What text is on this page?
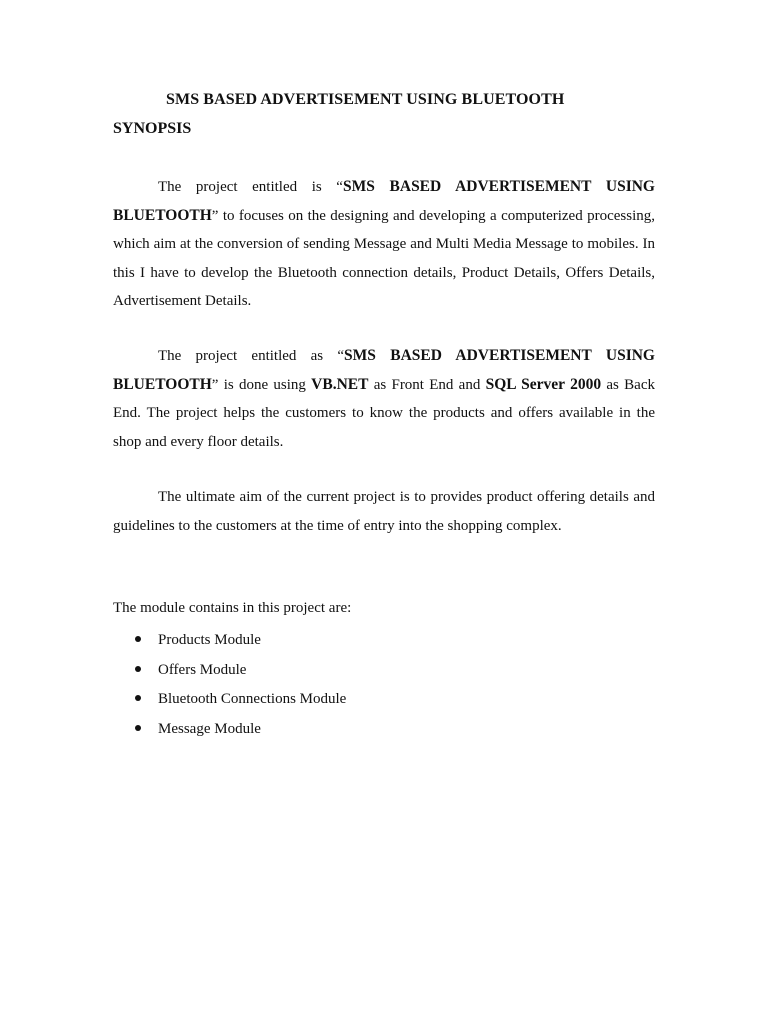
SMS BASED ADVERTISEMENT USING BLUETOOTH
SYNOPSIS

The project entitled is “SMS BASED ADVERTISEMENT USING BLUETOOTH” to focuses on the designing and developing a computerized processing, which aim at the conversion of sending Message and Multi Media Message to mobiles. In this I have to develop the Bluetooth connection details, Product Details, Offers Details, Advertisement Details.

The project entitled as “SMS BASED ADVERTISEMENT USING BLUETOOTH” is done using VB.NET as Front End and SQL Server 2000 as Back End. The project helps the customers to know the products and offers available in the shop and every floor details.

The ultimate aim of the current project is to provides product offering details and guidelines to the customers at the time of entry into the shopping complex.

The module contains in this project are:
Products Module
Offers Module
Bluetooth Connections Module
Message Module
